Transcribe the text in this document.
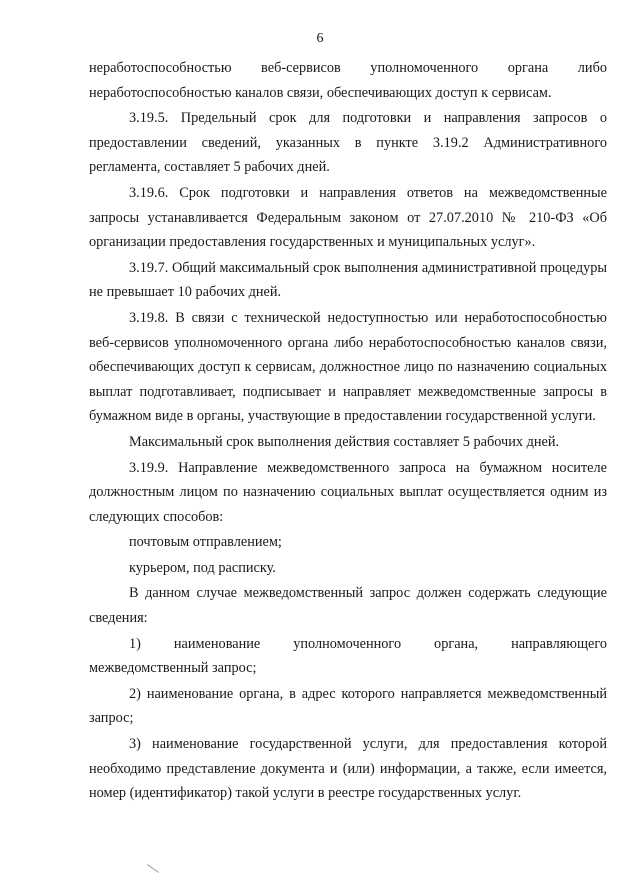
6

неработоспособностью веб-сервисов уполномоченного органа либо неработоспособностью каналов связи, обеспечивающих доступ к сервисам.

3.19.5. Предельный срок для подготовки и направления запросов о предоставлении сведений, указанных в пункте 3.19.2 Административного регламента, составляет 5 рабочих дней.

3.19.6. Срок подготовки и направления ответов на межведомственные запросы устанавливается Федеральным законом от 27.07.2010 № 210-ФЗ «Об организации предоставления государственных и муниципальных услуг».

3.19.7. Общий максимальный срок выполнения административной процедуры не превышает 10 рабочих дней.

3.19.8. В связи с технической недоступностью или неработоспособностью веб-сервисов уполномоченного органа либо неработоспособностью каналов связи, обеспечивающих доступ к сервисам, должностное лицо по назначению социальных выплат подготавливает, подписывает и направляет межведомственные запросы в бумажном виде в органы, участвующие в предоставлении государственной услуги.

Максимальный срок выполнения действия составляет 5 рабочих дней.

3.19.9. Направление межведомственного запроса на бумажном носителе должностным лицом по назначению социальных выплат осуществляется одним из следующих способов:

почтовым отправлением;

курьером, под расписку.

В данном случае межведомственный запрос должен содержать следующие сведения:

1) наименование уполномоченного органа, направляющего межведомственный запрос;

2) наименование органа, в адрес которого направляется межведомственный запрос;

3) наименование государственной услуги, для предоставления которой необходимо представление документа и (или) информации, а также, если имеется, номер (идентификатор) такой услуги в реестре государственных услуг.
